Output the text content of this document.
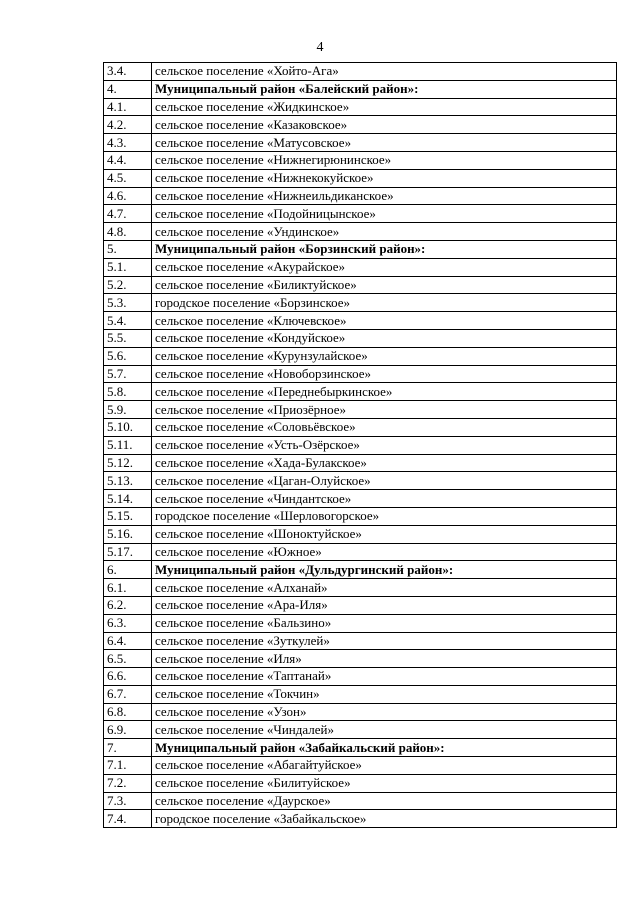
4
3.4.	сельское поселение «Хойто-Ага»
4.	Муниципальный район «Балейский район»:
4.1.	сельское поселение «Жидкинское»
4.2.	сельское поселение «Казаковское»
4.3.	сельское поселение «Матусовское»
4.4.	сельское поселение «Нижнегирюнинское»
4.5.	сельское поселение «Нижнекокуйское»
4.6.	сельское поселение «Нижнеильдиканское»
4.7.	сельское поселение «Подойницынское»
4.8.	сельское поселение «Ундинское»
5.	Муниципальный район «Борзинский район»:
5.1.	сельское поселение «Акурайское»
5.2.	сельское поселение «Биликтуйское»
5.3.	городское поселение «Борзинское»
5.4.	сельское поселение «Ключевское»
5.5.	сельское поселение «Кондуйское»
5.6.	сельское поселение «Курунзулайское»
5.7.	сельское поселение «Новоборзинское»
5.8.	сельское поселение «Переднебыркинское»
5.9.	сельское поселение «Приозёрное»
5.10.	сельское поселение «Соловьёвское»
5.11.	сельское поселение «Усть-Озёрское»
5.12.	сельское поселение «Хада-Булакское»
5.13.	сельское поселение «Цаган-Олуйское»
5.14.	сельское поселение «Чиндантское»
5.15.	городское поселение «Шерловогорское»
5.16.	сельское поселение «Шоноктуйское»
5.17.	сельское поселение «Южное»
6.	Муниципальный район «Дульдургинский район»:
6.1.	сельское поселение «Алханай»
6.2.	сельское поселение «Ара-Иля»
6.3.	сельское поселение «Бальзино»
6.4.	сельское поселение «Зуткулей»
6.5.	сельское поселение «Иля»
6.6.	сельское поселение «Таптанай»
6.7.	сельское поселение «Токчин»
6.8.	сельское поселение «Узон»
6.9.	сельское поселение «Чиндалей»
7.	Муниципальный район «Забайкальский район»:
7.1.	сельское поселение «Абагайтуйское»
7.2.	сельское поселение «Билитуйское»
7.3.	сельское поселение «Даурское»
7.4.	городское поселение «Забайкальское»
